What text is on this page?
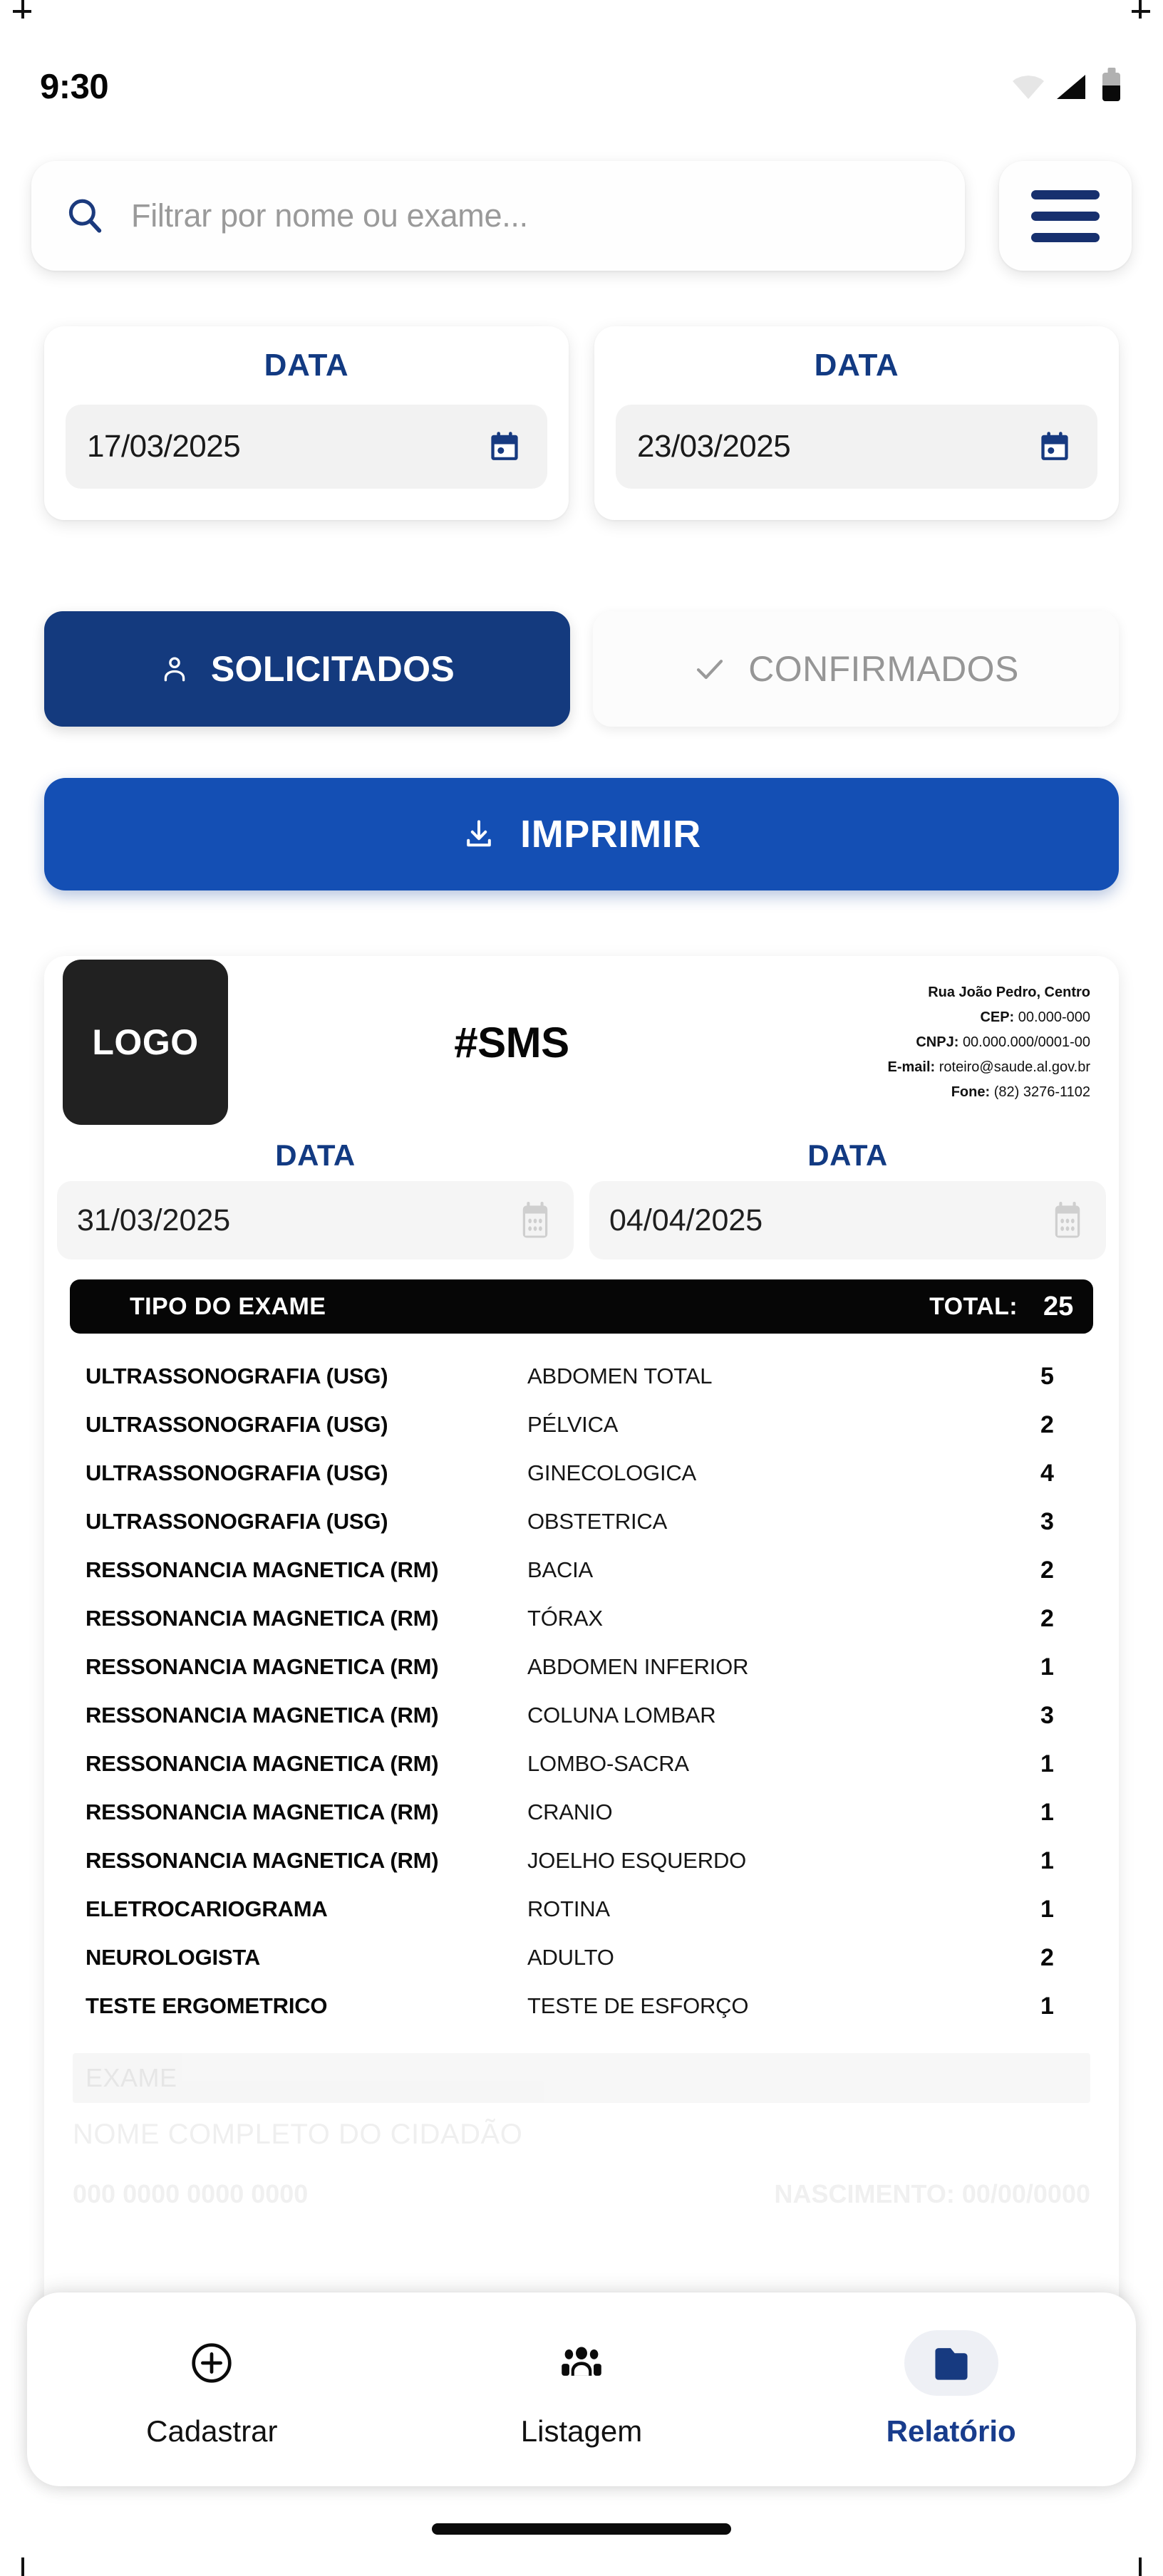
9:30
Filtrar por nome ou exame...
DATA
17/03/2025
DATA
23/03/2025
SOLICITADOS	CONFIRMADOS
IMPRIMIR
LOGO	#SMS
Rua João Pedro, Centro
CEP: 00.000-000
CNPJ: 00.000.000/0001-00
E-mail: roteiro@saude.al.gov.br
Fone: (82) 3276-1102
DATA
31/03/2025
DATA
04/04/2025
TIPO DO EXAME	TOTAL: 25
ULTRASSONOGRAFIA (USG)	ABDOMEN TOTAL	5
ULTRASSONOGRAFIA (USG)	PÉLVICA	2
ULTRASSONOGRAFIA (USG)	GINECOLOGICA	4
ULTRASSONOGRAFIA (USG)	OBSTETRICA	3
RESSONANCIA MAGNETICA (RM)	BACIA	2
RESSONANCIA MAGNETICA (RM)	TÓRAX	2
RESSONANCIA MAGNETICA (RM)	ABDOMEN INFERIOR	1
RESSONANCIA MAGNETICA (RM)	COLUNA LOMBAR	3
RESSONANCIA MAGNETICA (RM)	LOMBO-SACRA	1
RESSONANCIA MAGNETICA (RM)	CRANIO	1
RESSONANCIA MAGNETICA (RM)	JOELHO ESQUERDO	1
ELETROCARIOGRAMA	ROTINA	1
NEUROLOGISTA	ADULTO	2
TESTE ERGOMETRICO	TESTE DE ESFORÇO	1
EXAME
NOME COMPLETO DO CIDADÃO
000 0000 0000 0000	NASCIMENTO: 00/00/0000
Cadastrar	Listagem	Relatório
